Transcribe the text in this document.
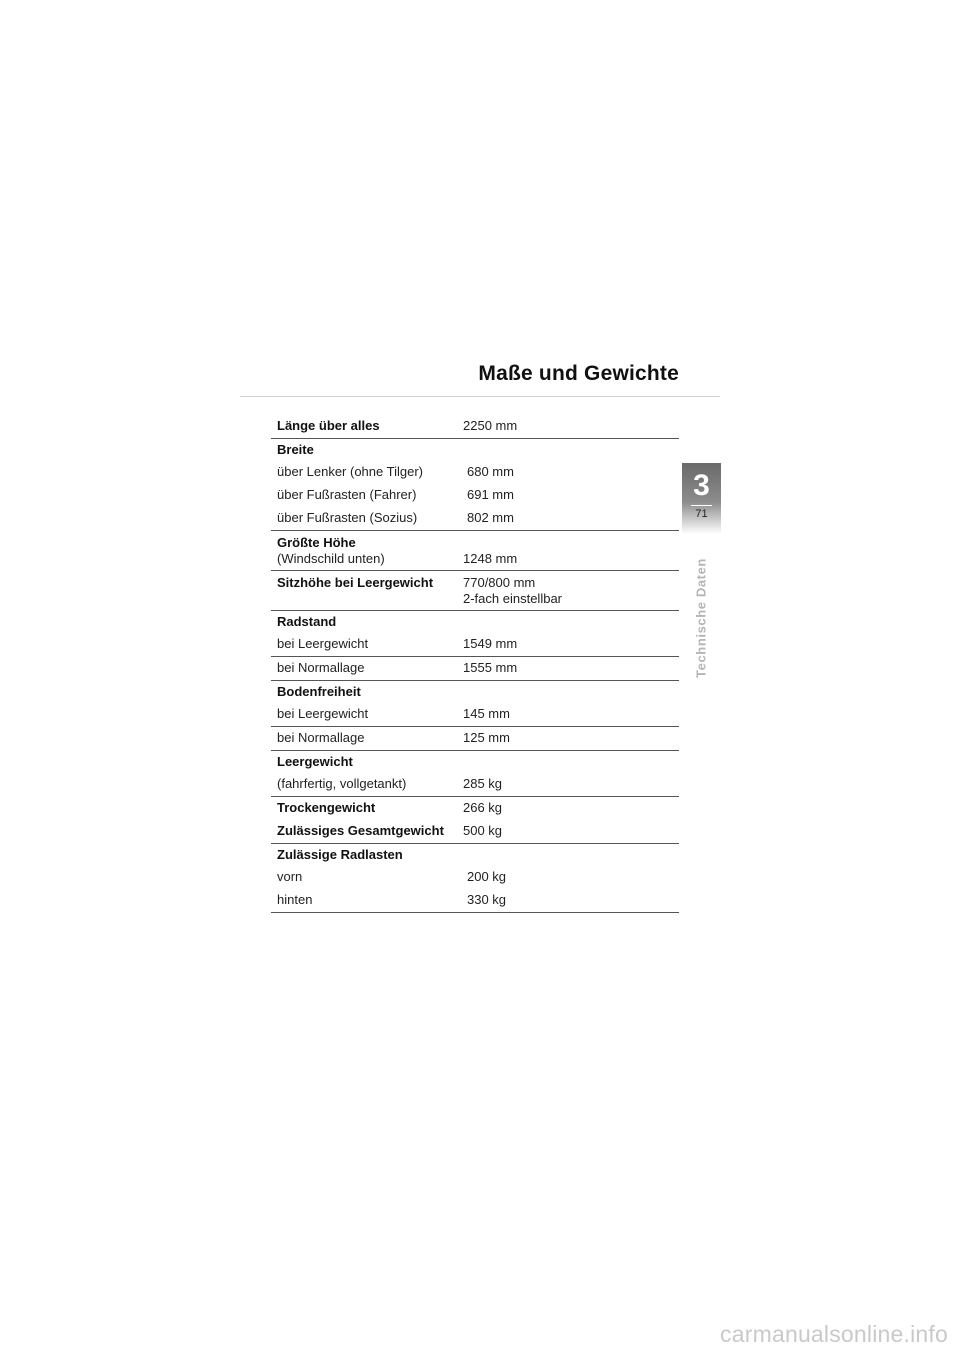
Maße und Gewichte
Länge über alles	2250 mm
Breite
über Lenker (ohne Tilger)	680 mm
über Fußrasten (Fahrer)	691 mm
über Fußrasten (Sozius)	802 mm
Größte Höhe
(Windschild unten)	1248 mm
Sitzhöhe bei Leergewicht	770/800 mm
2-fach einstellbar
Radstand
bei Leergewicht	1549 mm
bei Normallage	1555 mm
Bodenfreiheit
bei Leergewicht	145 mm
bei Normallage	125 mm
Leergewicht
(fahrfertig, vollgetankt)	285 kg
Trockengewicht	266 kg
Zulässiges Gesamtgewicht	500 kg
Zulässige Radlasten
vorn	200 kg
hinten	330 kg
3
71
Technische Daten
carmanualsonline.info
